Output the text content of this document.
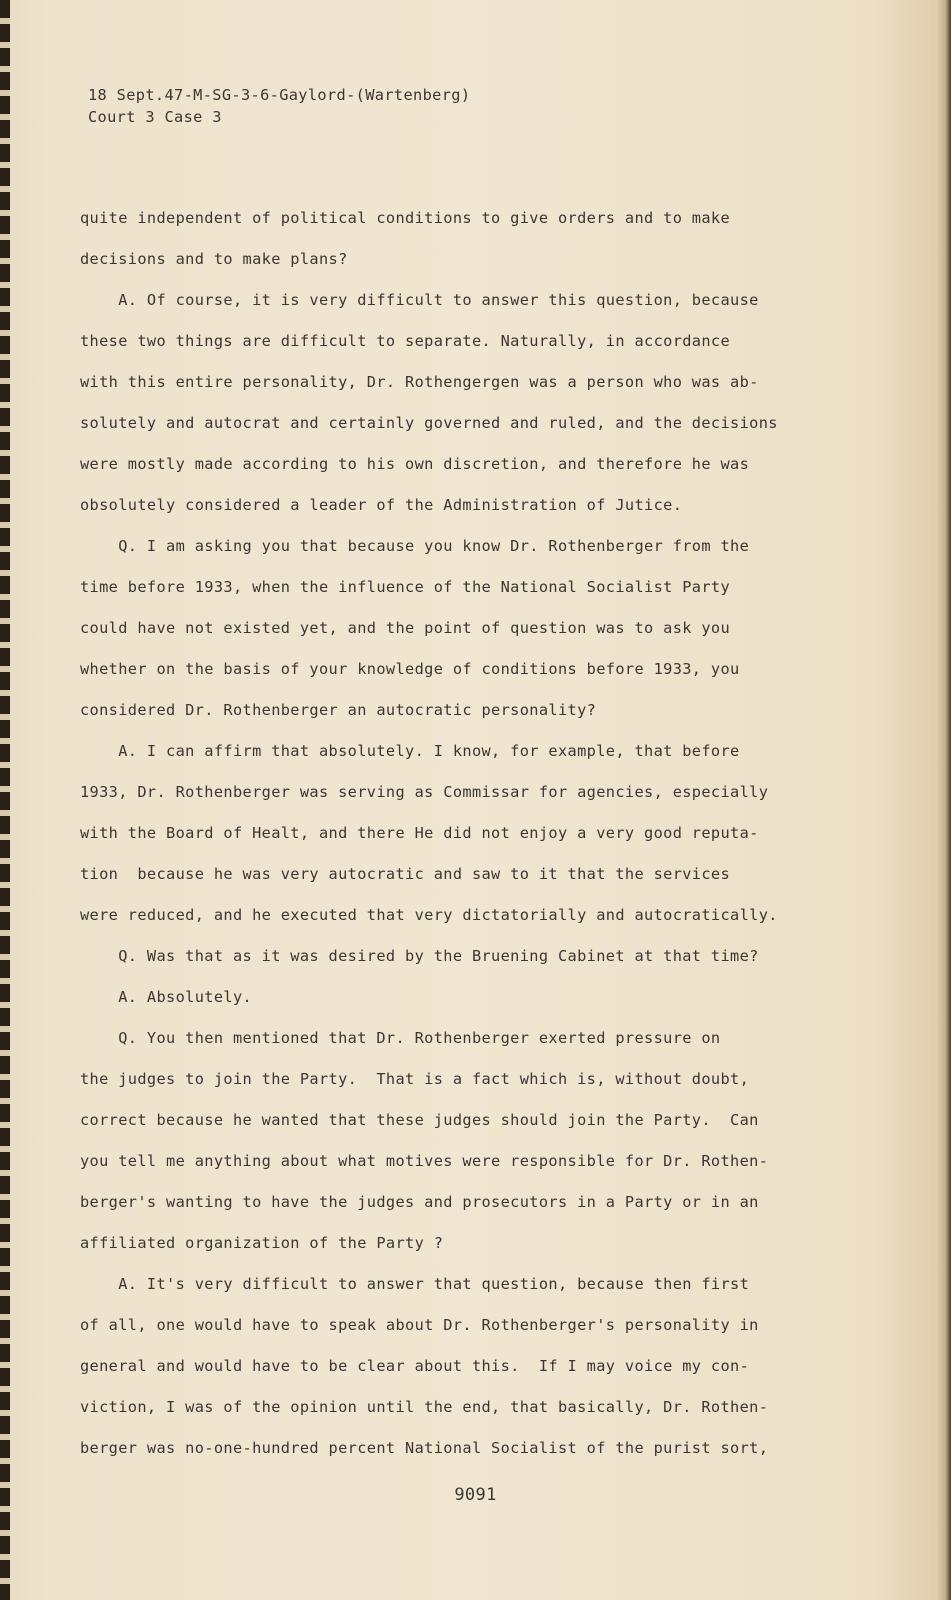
18 Sept.47-M-SG-3-6-Gaylord-(Wartenberg)
Court 3 Case 3
quite independent of political conditions to give orders and to make
decisions and to make plans?
A. Of course, it is very difficult to answer this question, because
these two things are difficult to separate. Naturally, in accordance
with this entire personality, Dr. Rothengergen was a person who was ab-
solutely and autocrat and certainly governed and ruled, and the decisions
were mostly made according to his own discretion, and therefore he was
obsolutely considered a leader of the Administration of Jutice.
Q. I am asking you that because you know Dr. Rothenberger from the
time before 1933, when the influence of the National Socialist Party
could have not existed yet, and the point of question was to ask you
whether on the basis of your knowledge of conditions before 1933, you
considered Dr. Rothenberger an autocratic personality?
A. I can affirm that absolutely. I know, for example, that before
1933, Dr. Rothenberger was serving as Commissar for agencies, especially
with the Board of Healt, and there He did not enjoy a very good reputa-
tion  because he was very autocratic and saw to it that the services
were reduced, and he executed that very dictatorially and autocratically.
Q. Was that as it was desired by the Bruening Cabinet at that time?
A. Absolutely.
Q. You then mentioned that Dr. Rothenberger exerted pressure on
the judges to join the Party.  That is a fact which is, without doubt,
correct because he wanted that these judges should join the Party.  Can
you tell me anything about what motives were responsible for Dr. Rothen-
berger's wanting to have the judges and prosecutors in a Party or in an
affiliated organization of the Party ?
A. It's very difficult to answer that question, because then first
of all, one would have to speak about Dr. Rothenberger's personality in
general and would have to be clear about this.  If I may voice my con-
viction, I was of the opinion until the end, that basically, Dr. Rothen-
berger was no-one-hundred percent National Socialist of the purist sort,
9091
